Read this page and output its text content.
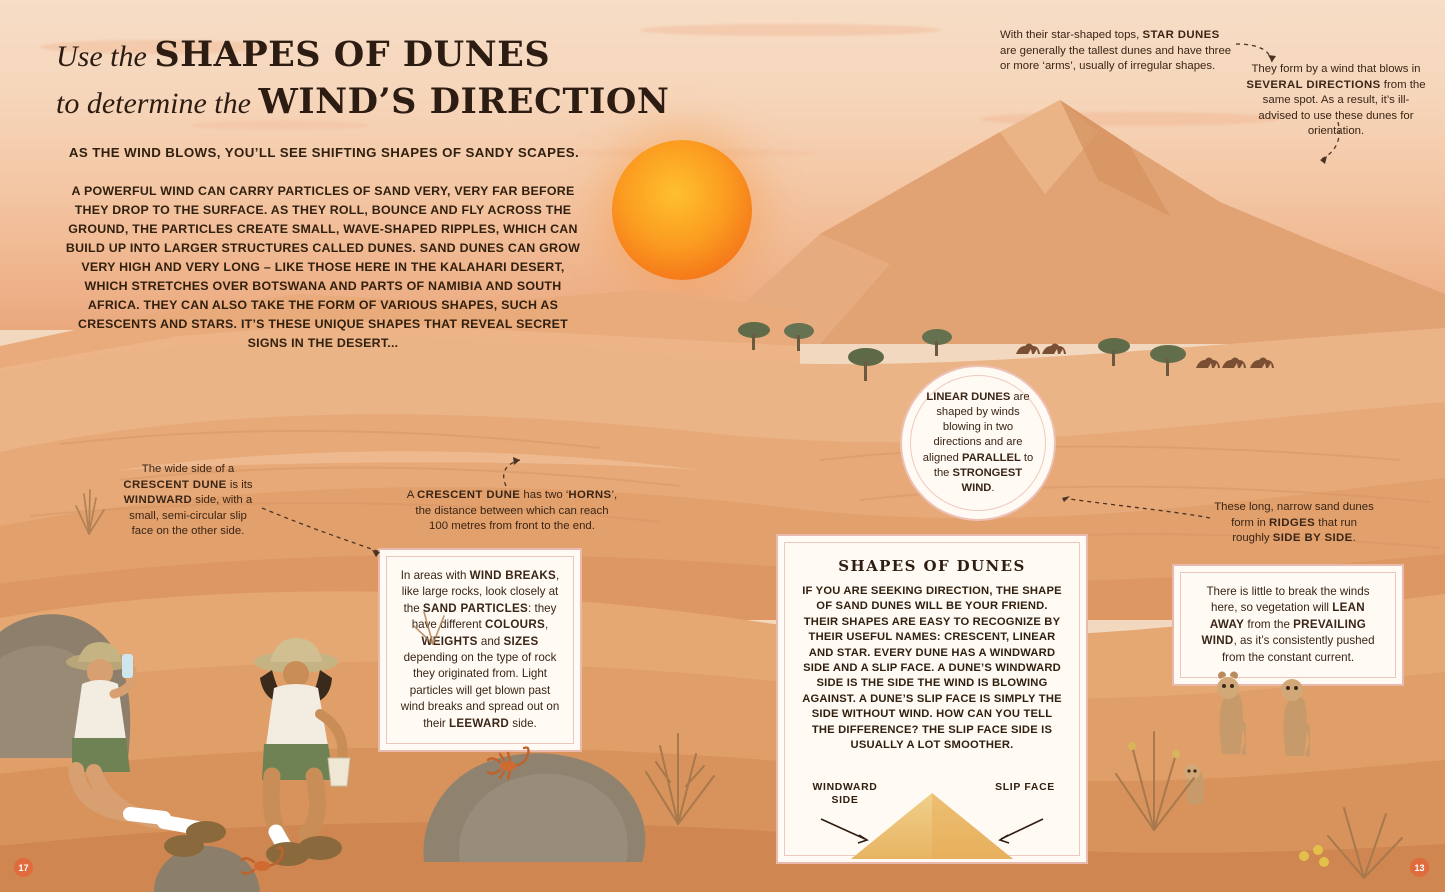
Use the SHAPES OF DUNES
to determine the WIND’S DIRECTION
AS THE WIND BLOWS, YOU’LL SEE SHIFTING SHAPES OF SANDY SCAPES.
A POWERFUL WIND CAN CARRY PARTICLES OF SAND VERY, VERY FAR BEFORE THEY DROP TO THE SURFACE. AS THEY ROLL, BOUNCE AND FLY ACROSS THE GROUND, THE PARTICLES CREATE SMALL, WAVE-SHAPED RIPPLES, WHICH CAN BUILD UP INTO LARGER STRUCTURES CALLED DUNES. SAND DUNES CAN GROW VERY HIGH AND VERY LONG – LIKE THOSE HERE IN THE KALAHARI DESERT, WHICH STRETCHES OVER BOTSWANA AND PARTS OF NAMIBIA AND SOUTH AFRICA. THEY CAN ALSO TAKE THE FORM OF VARIOUS SHAPES, SUCH AS CRESCENTS AND STARS. IT’S THESE UNIQUE SHAPES THAT REVEAL SECRET SIGNS IN THE DESERT...
With their star-shaped tops, STAR DUNES are generally the tallest dunes and have three or more ‘arms’, usually of irregular shapes.	They form by a wind that blows in SEVERAL DIRECTIONS from the same spot. As a result, it’s ill-advised to use these dunes for orientation.
The wide side of a CRESCENT DUNE is its WINDWARD side, with a small, semi-circular slip face on the other side.
A CRESCENT DUNE has two ‘HORNS’, the distance between which can reach 100 metres from front to the end.
These long, narrow sand dunes form in RIDGES that run roughly SIDE BY SIDE.
LINEAR DUNES are shaped by winds blowing in two directions and are aligned PARALLEL to the STRONGEST WIND.
In areas with WIND BREAKS, like large rocks, look closely at the SAND PARTICLES: they have different COLOURS, WEIGHTS and SIZES depending on the type of rock they originated from. Light particles will get blown past wind breaks and spread out on their LEEWARD side.
There is little to break the winds here, so vegetation will LEAN AWAY from the PREVAILING WIND, as it’s consistently pushed from the constant current.
SHAPES OF DUNES

IF YOU ARE SEEKING DIRECTION, THE SHAPE OF SAND DUNES WILL BE YOUR FRIEND. THEIR SHAPES ARE EASY TO RECOGNIZE BY THEIR USEFUL NAMES: CRESCENT, LINEAR AND STAR. EVERY DUNE HAS A WINDWARD SIDE AND A SLIP FACE. A DUNE’S WINDWARD SIDE IS THE SIDE THE WIND IS BLOWING AGAINST. A DUNE’S SLIP FACE IS SIMPLY THE SIDE WITHOUT WIND. HOW CAN YOU TELL THE DIFFERENCE? THE SLIP FACE SIDE IS USUALLY A LOT SMOOTHER.

WINDWARD
SIDE
SLIP FACE
17	13
